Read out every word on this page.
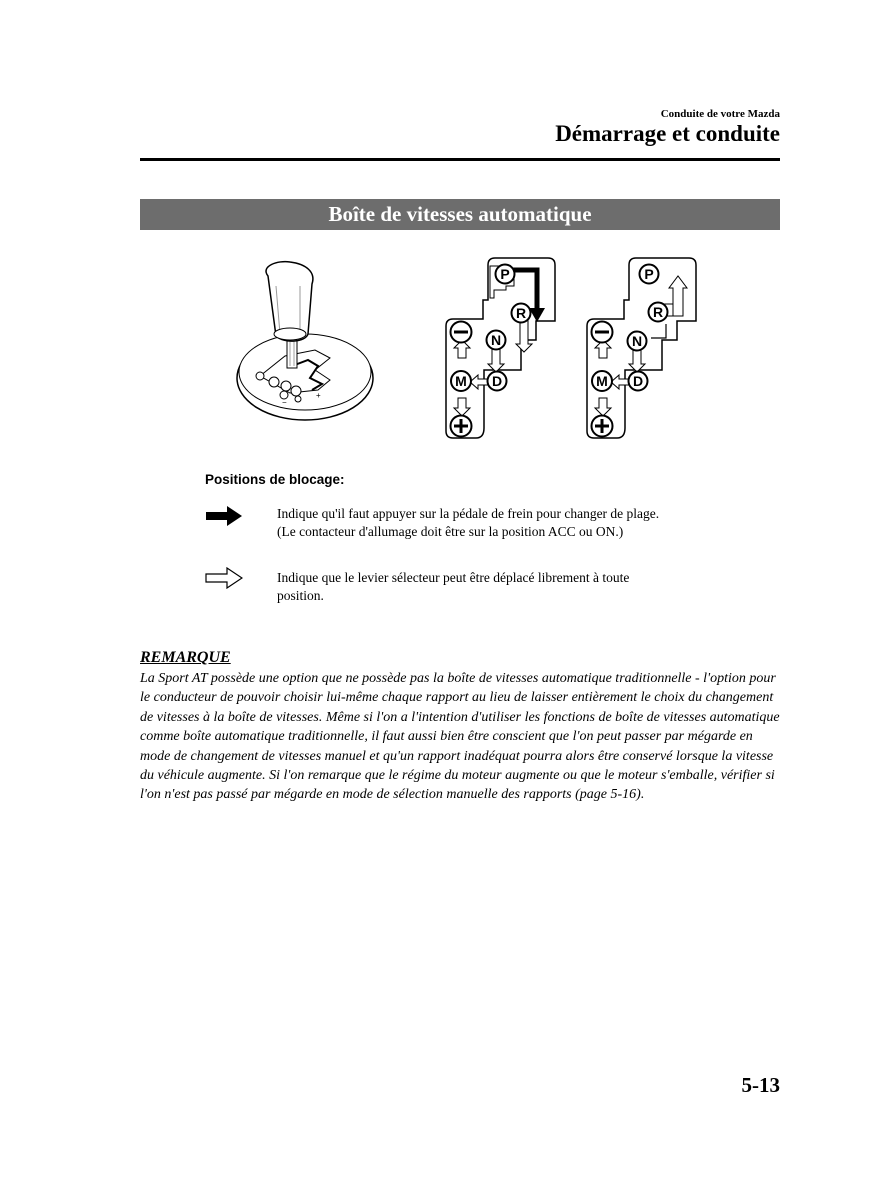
Conduite de votre Mazda
Démarrage et conduite
Boîte de vitesses automatique
+
−
P
R
N
D
M
P
R
N
D
M
Positions de blocage:
Indique qu'il faut appuyer sur la pédale de frein pour changer de plage.
(Le contacteur d'allumage doit être sur la position ACC ou ON.)
Indique que le levier sélecteur peut être déplacé librement à toute
position.
REMARQUE
La Sport AT possède une option que ne possède pas la boîte de vitesses automatique traditionnelle - l'option pour le conducteur de pouvoir choisir lui-même chaque rapport au lieu de laisser entièrement le choix du changement de vitesses à la boîte de vitesses. Même si l'on a l'intention d'utiliser les fonctions de boîte de vitesses automatique comme boîte automatique traditionnelle, il faut aussi bien être conscient que l'on peut passer par mégarde en mode de changement de vitesses manuel et qu'un rapport inadéquat pourra alors être conservé lorsque la vitesse du véhicule augmente. Si l'on remarque que le régime du moteur augmente ou que le moteur s'emballe, vérifier si l'on n'est pas passé par mégarde en mode de sélection manuelle des rapports (page 5-16).
5-13
